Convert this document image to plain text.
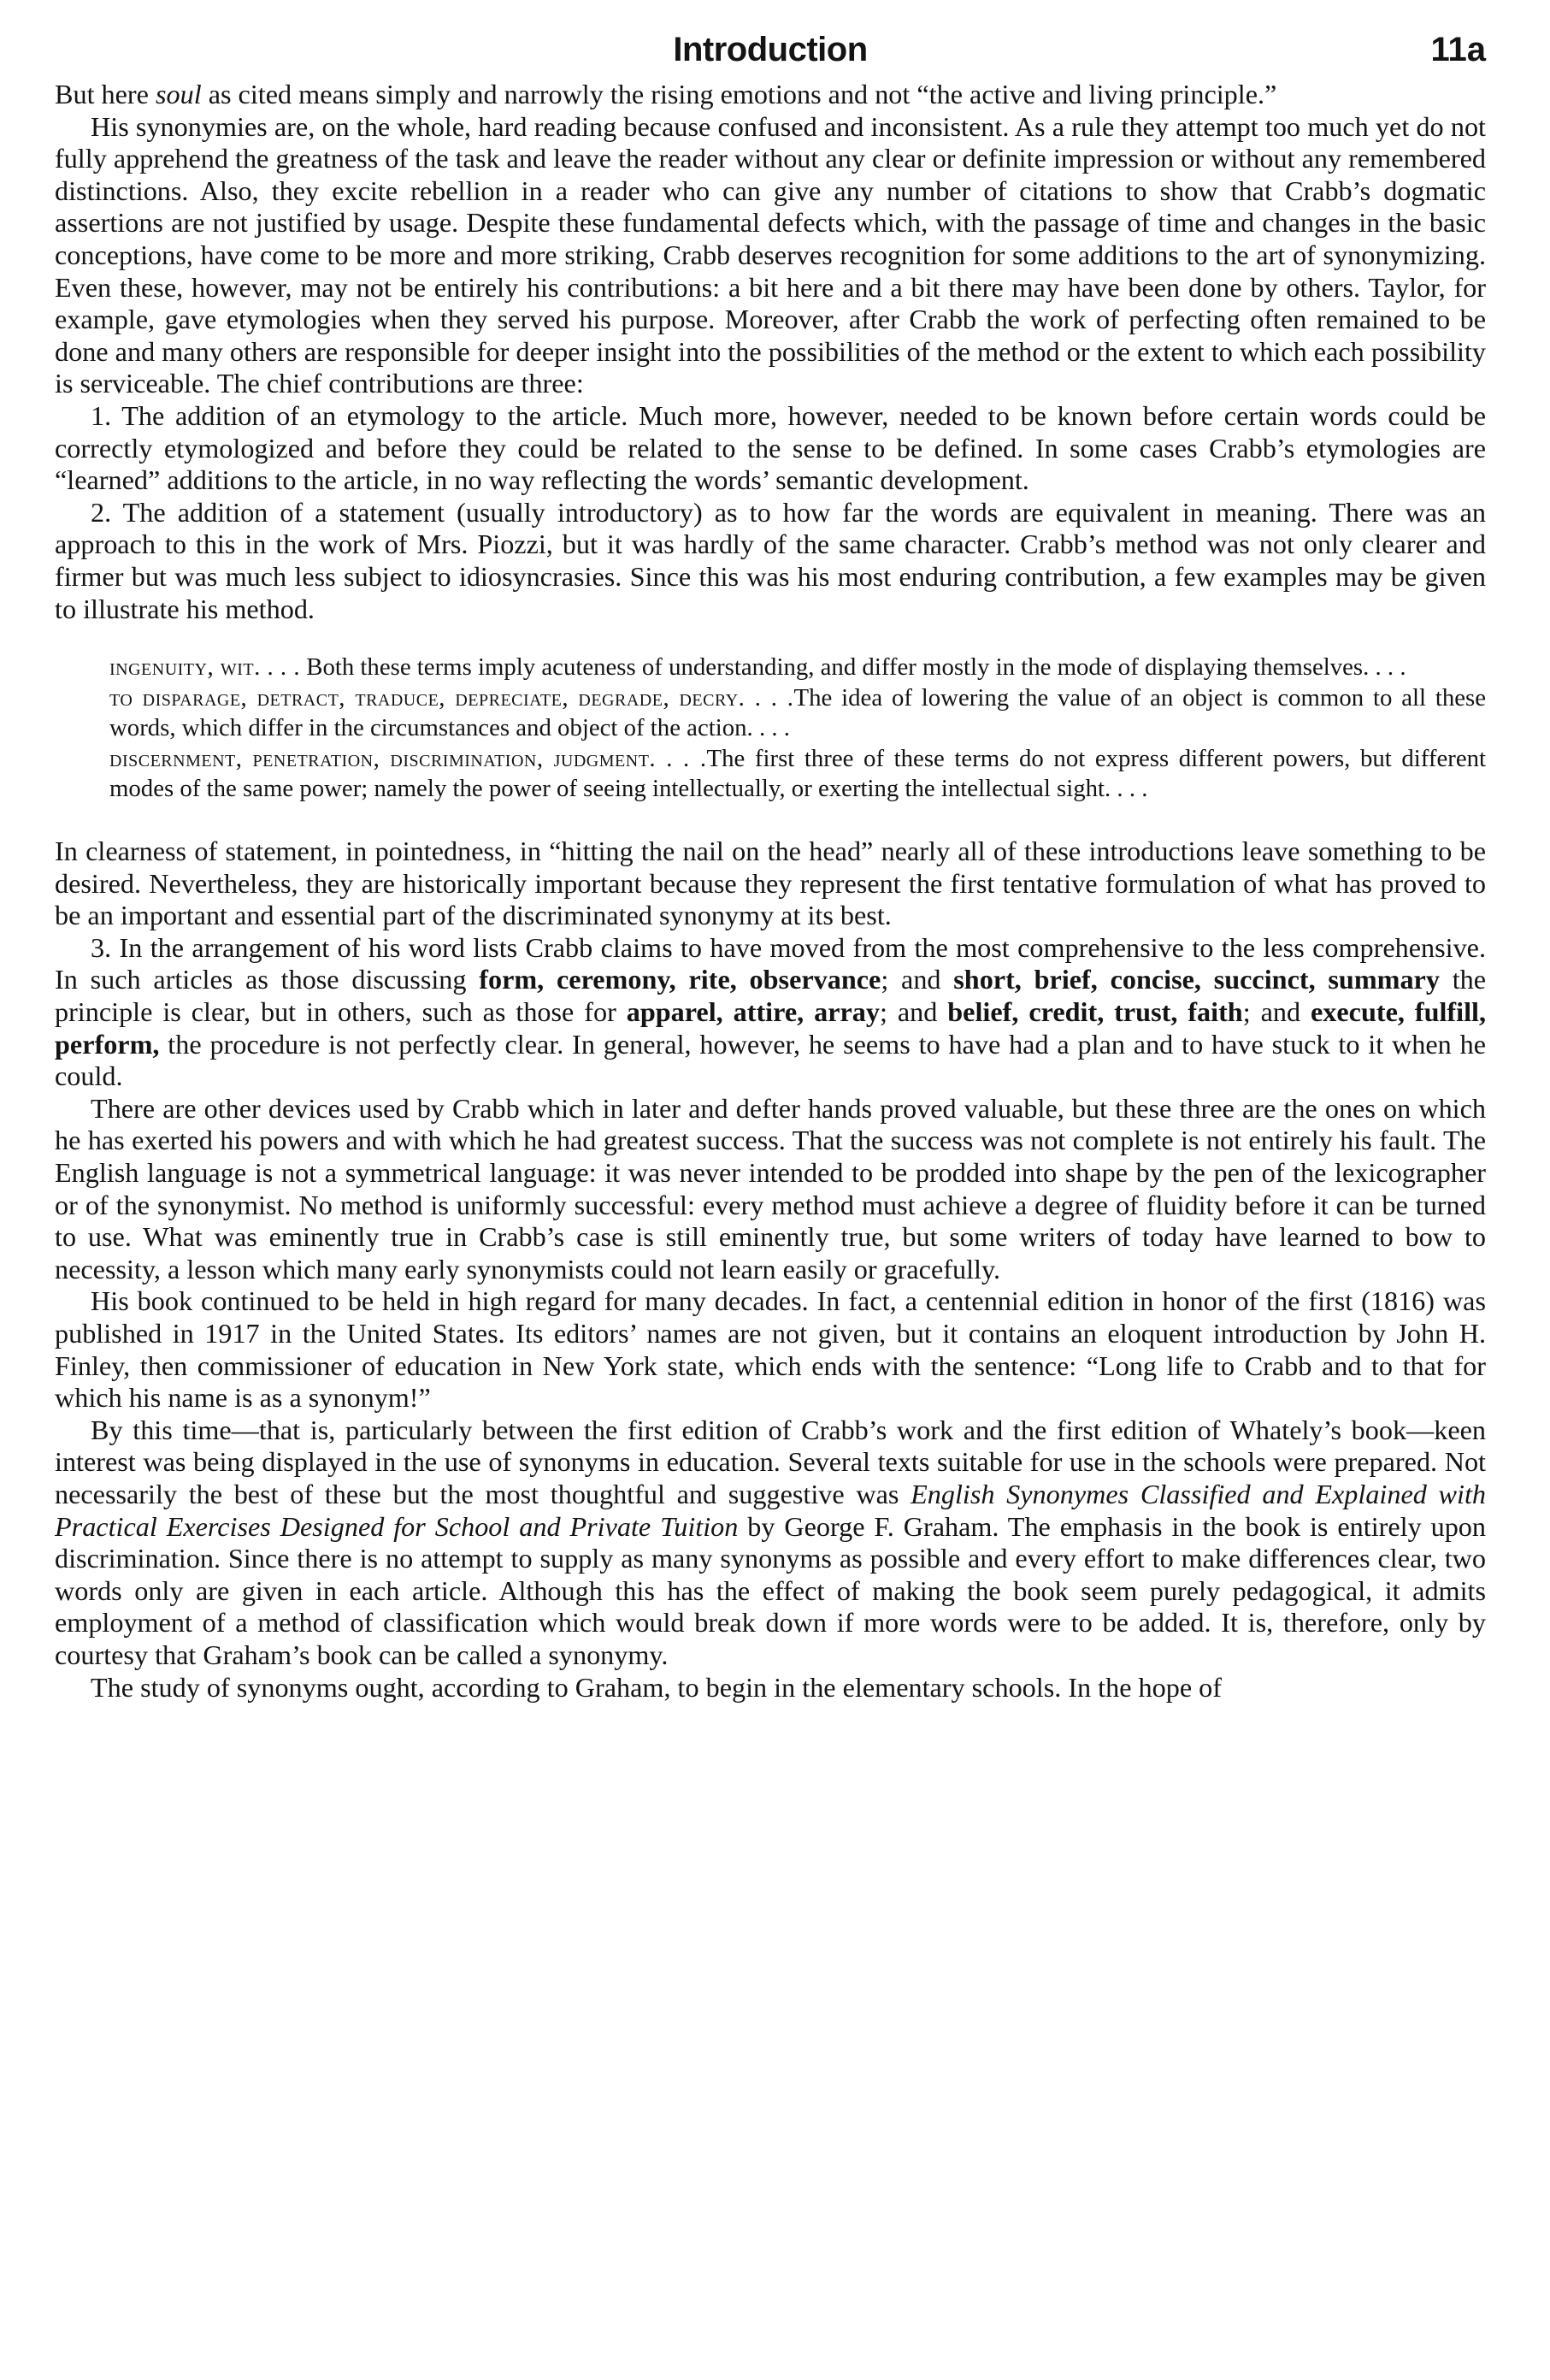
Introduction	11a

But here soul as cited means simply and narrowly the rising emotions and not “the active and living principle.”

His synonymies are, on the whole, hard reading because confused and inconsistent. As a rule they attempt too much yet do not fully apprehend the greatness of the task and leave the reader without any clear or definite impression or without any remembered distinctions. Also, they excite rebellion in a reader who can give any number of citations to show that Crabb’s dogmatic assertions are not justified by usage. Despite these fundamental defects which, with the passage of time and changes in the basic conceptions, have come to be more and more striking, Crabb deserves recognition for some additions to the art of synonymizing. Even these, however, may not be entirely his contributions: a bit here and a bit there may have been done by others. Taylor, for example, gave etymologies when they served his purpose. Moreover, after Crabb the work of perfecting often remained to be done and many others are responsible for deeper insight into the possibilities of the method or the extent to which each possibility is serviceable. The chief contributions are three:

1. The addition of an etymology to the article. Much more, however, needed to be known before certain words could be correctly etymologized and before they could be related to the sense to be defined. In some cases Crabb’s etymologies are “learned” additions to the article, in no way reflecting the words’ semantic development.

2. The addition of a statement (usually introductory) as to how far the words are equivalent in meaning. There was an approach to this in the work of Mrs. Piozzi, but it was hardly of the same character. Crabb’s method was not only clearer and firmer but was much less subject to idiosyncrasies. Since this was his most enduring contribution, a few examples may be given to illustrate his method.

ingenuity, wit. . . . Both these terms imply acuteness of understanding, and differ mostly in the mode of displaying themselves. . . .

to disparage, detract, traduce, depreciate, degrade, decry. . . .The idea of lowering the value of an object is common to all these words, which differ in the circumstances and object of the action. . . .

discernment, penetration, discrimination, judgment. . . .The first three of these terms do not express different powers, but different modes of the same power; namely the power of seeing intellectually, or exerting the intellectual sight. . . .

In clearness of statement, in pointedness, in “hitting the nail on the head” nearly all of these introductions leave something to be desired. Nevertheless, they are historically important because they represent the first tentative formulation of what has proved to be an important and essential part of the discriminated synonymy at its best.

3. In the arrangement of his word lists Crabb claims to have moved from the most comprehensive to the less comprehensive. In such articles as those discussing form, ceremony, rite, observance; and short, brief, concise, succinct, summary the principle is clear, but in others, such as those for apparel, attire, array; and belief, credit, trust, faith; and execute, fulfill, perform, the procedure is not perfectly clear. In general, however, he seems to have had a plan and to have stuck to it when he could.

There are other devices used by Crabb which in later and defter hands proved valuable, but these three are the ones on which he has exerted his powers and with which he had greatest success. That the success was not complete is not entirely his fault. The English language is not a symmetrical language: it was never intended to be prodded into shape by the pen of the lexicographer or of the synonymist. No method is uniformly successful: every method must achieve a degree of fluidity before it can be turned to use. What was eminently true in Crabb’s case is still eminently true, but some writers of today have learned to bow to necessity, a lesson which many early synonymists could not learn easily or gracefully.

His book continued to be held in high regard for many decades. In fact, a centennial edition in honor of the first (1816) was published in 1917 in the United States. Its editors’ names are not given, but it contains an eloquent introduction by John H. Finley, then commissioner of education in New York state, which ends with the sentence: “Long life to Crabb and to that for which his name is as a synonym!”

By this time—that is, particularly between the first edition of Crabb’s work and the first edition of Whately’s book—keen interest was being displayed in the use of synonyms in education. Several texts suitable for use in the schools were prepared. Not necessarily the best of these but the most thoughtful and suggestive was English Synonymes Classified and Explained with Practical Exercises Designed for School and Private Tuition by George F. Graham. The emphasis in the book is entirely upon discrimination. Since there is no attempt to supply as many synonyms as possible and every effort to make differences clear, two words only are given in each article. Although this has the effect of making the book seem purely pedagogical, it admits employment of a method of classification which would break down if more words were to be added. It is, therefore, only by courtesy that Graham’s book can be called a synonymy.

The study of synonyms ought, according to Graham, to begin in the elementary schools. In the hope of
